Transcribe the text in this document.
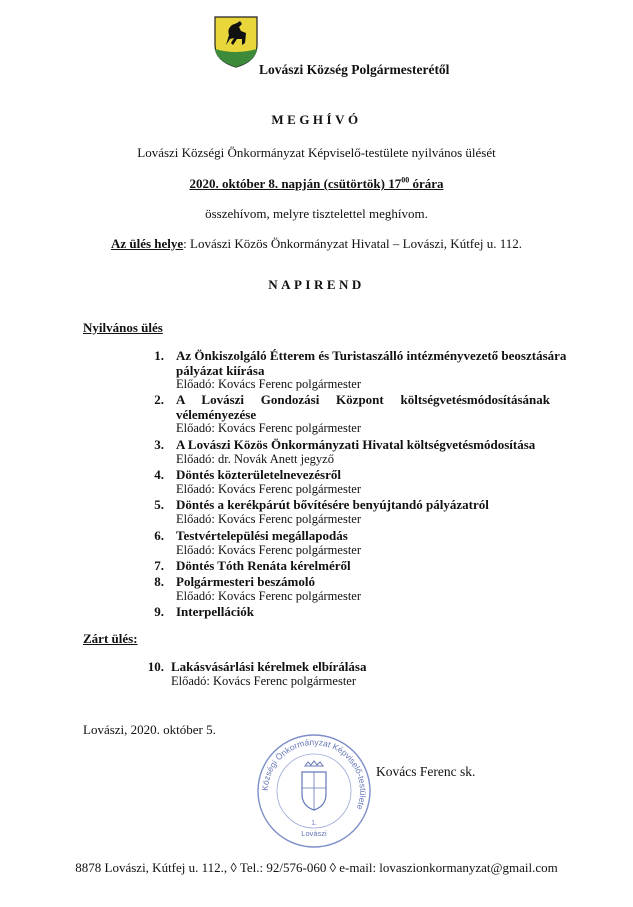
Lovászi Község Polgármesterétől
MEGHÍVÓ
Lovászi Községi Önkormányzat Képviselő-testülete nyilvános ülését
2020. október 8. napján (csütörtök) $17^{00}$ órára
összehívom, melyre tisztelettel meghívom.
Az ülés helye: Lovászi Közös Önkormányzat Hivatal – Lovászi, Kútfej u. 112.
NAPIREND
Nyilvános ülés
1. Az Önkiszolgáló Étterem és Turistaszálló intézményvezető beosztására
pályázat kiírása
Előadó: Kovács Ferenc polgármester
2. A Lovászi Gondozási Központ költségvetésmódosításának
véleményezése
Előadó: Kovács Ferenc polgármester
3. A Lovászi Közös Önkormányzati Hivatal költségvetésmódosítása
Előadó: dr. Novák Anett jegyző
4. Döntés közterületelnevezésről
Előadó: Kovács Ferenc polgármester
5. Döntés a kerékpárút bővítésére benyújtandó pályázatról
Előadó: Kovács Ferenc polgármester
6. Testvértelepülési megállapodás
Előadó: Kovács Ferenc polgármester
7. Döntés Tóth Renáta kérelméről
8. Polgármesteri beszámoló
Előadó: Kovács Ferenc polgármester
9. Interpellációk
Zárt ülés:
10. Lakásvásárlási kérelmek elbírálása
Előadó: Kovács Ferenc polgármester
Lovászi, 2020. október 5.
Községi Önkormányzat Képviselő-testülete
1.
Lovászi
Kovács Ferenc sk.
8878 Lovászi, Kútfej u. 112., ◊ Tel.: 92/576-060 ◊ e-mail: lovaszionkormanyzat@gmail.com
